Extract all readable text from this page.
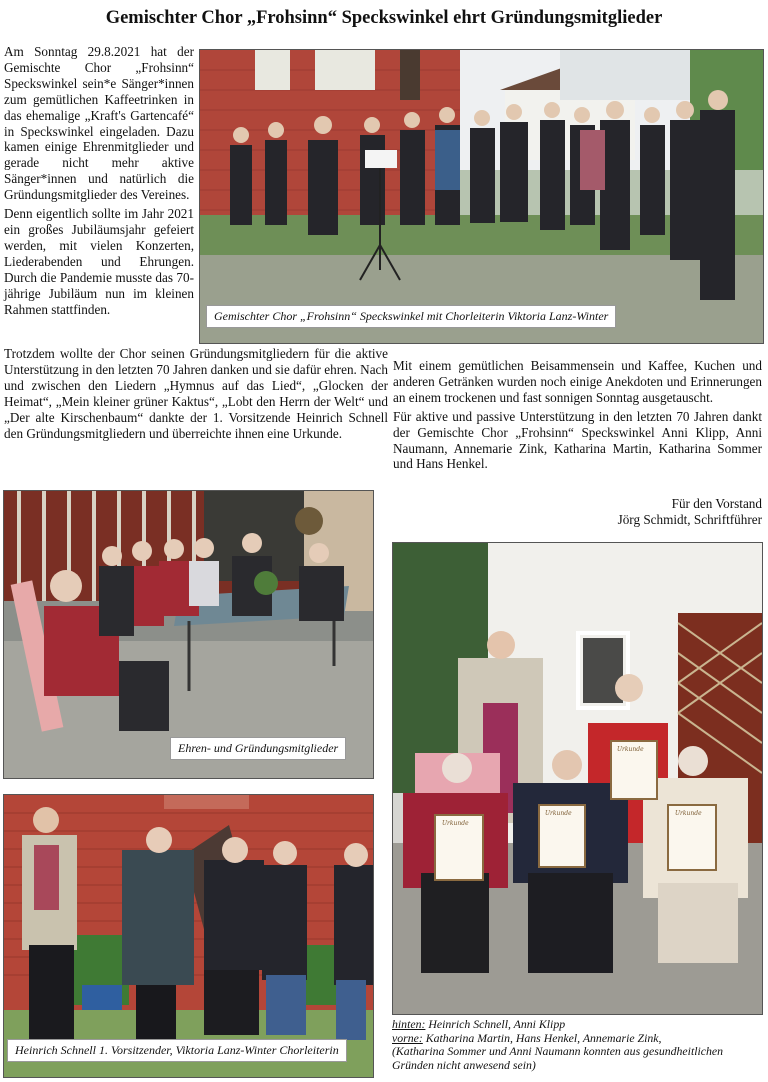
Gemischter Chor „Frohsinn“ Speckswinkel ehrt Gründungsmitglieder

Am Sonntag 29.8.2021 hat der Gemischte Chor „Frohsinn“ Speckswinkel sein*e Sänger*innen zum gemütlichen Kaffeetrinken in das ehemalige „Kraft's Gartencafé“ in Speckswinkel eingeladen. Dazu kamen einige Ehrenmitglieder und gerade nicht mehr aktive Sänger*innen und natürlich die Gründungsmitglieder des Vereines.

Denn eigentlich sollte im Jahr 2021 ein großes Jubiläumsjahr gefeiert werden, mit vielen Konzerten, Liederabenden und Ehrungen. Durch die Pandemie musste das 70-jährige Jubiläum nun im kleinen Rahmen stattfinden.	Gemischter Chor „Frohsinn“ Speckswinkel mit Chorleiterin Viktoria Lanz-Winter

Trotzdem wollte der Chor seinen Gründungsmitgliedern für die aktive Unterstützung in den letzten 70 Jahren danken und sie dafür ehren. Nach und zwischen den Liedern „Hymnus auf das Lied“, „Glocken der Heimat“, „Mein kleiner grüner Kaktus“, „Lobt den Herrn der Welt“ und „Der alte Kirschenbaum“ dankte der 1. Vorsitzende Heinrich Schnell den Gründungsmitgliedern und überreichte ihnen eine Urkunde.

Mit einem gemütlichen Beisammensein und Kaffee, Kuchen und anderen Getränken wurden noch einige Anekdoten und Erinnerungen an einem trockenen und fast sonnigen Sonntag ausgetauscht.

Für aktive und passive Unterstützung in den letzten 70 Jahren dankt der Gemischte Chor „Frohsinn“ Speckswinkel Anni Klipp, Anni Naumann, Annemarie Zink, Katharina Martin, Katharina Sommer und Hans Henkel.

Für den Vorstand
Jörg Schmidt, Schriftführer
Ehren- und Gründungsmitglieder
Urkunde
Urkunde	Urkunde
Urkunde
Heinrich Schnell 1. Vorsitzender, Viktoria Lanz-Winter Chorleiterin
hinten: Heinrich Schnell, Anni Klipp
vorne: Katharina Martin, Hans Henkel, Annemarie Zink,
(Katharina Sommer und Anni Naumann konnten aus gesundheitlichen Gründen nicht anwesend sein)
